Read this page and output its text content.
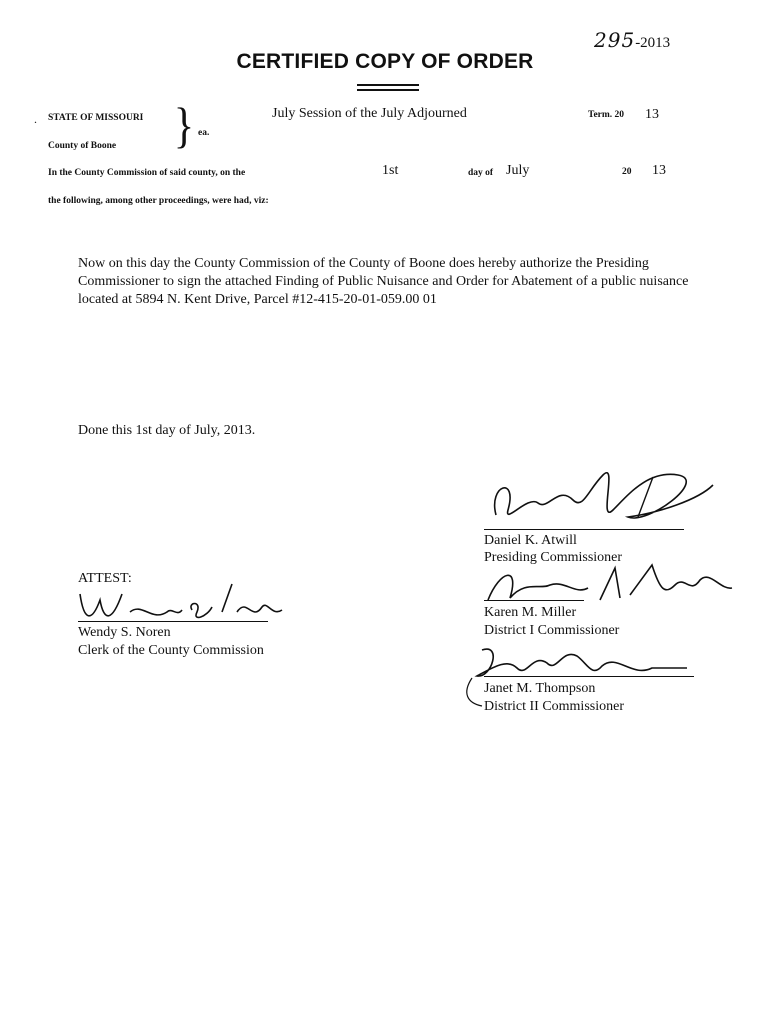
295-2013
CERTIFIED COPY OF ORDER
. STATE OF MISSOURI
County of Boone } ea.
July Session of the July Adjourned	Term. 20 13
In the County Commission of said county, on the	1st	day of July	20 13
the following, among other proceedings, were had, viz:
Now on this day the County Commission of the County of Boone does hereby authorize the Presiding Commissioner to sign the attached Finding of Public Nuisance and Order for Abatement of a public nuisance located at 5894 N. Kent Drive, Parcel #12-415-20-01-059.00 01
Done this 1st day of July, 2013.
Daniel K. Atwill
Presiding Commissioner
Karen M. Miller
District I Commissioner
Janet M. Thompson
District II Commissioner
ATTEST:
Wendy S. Noren
Clerk of the County Commission
